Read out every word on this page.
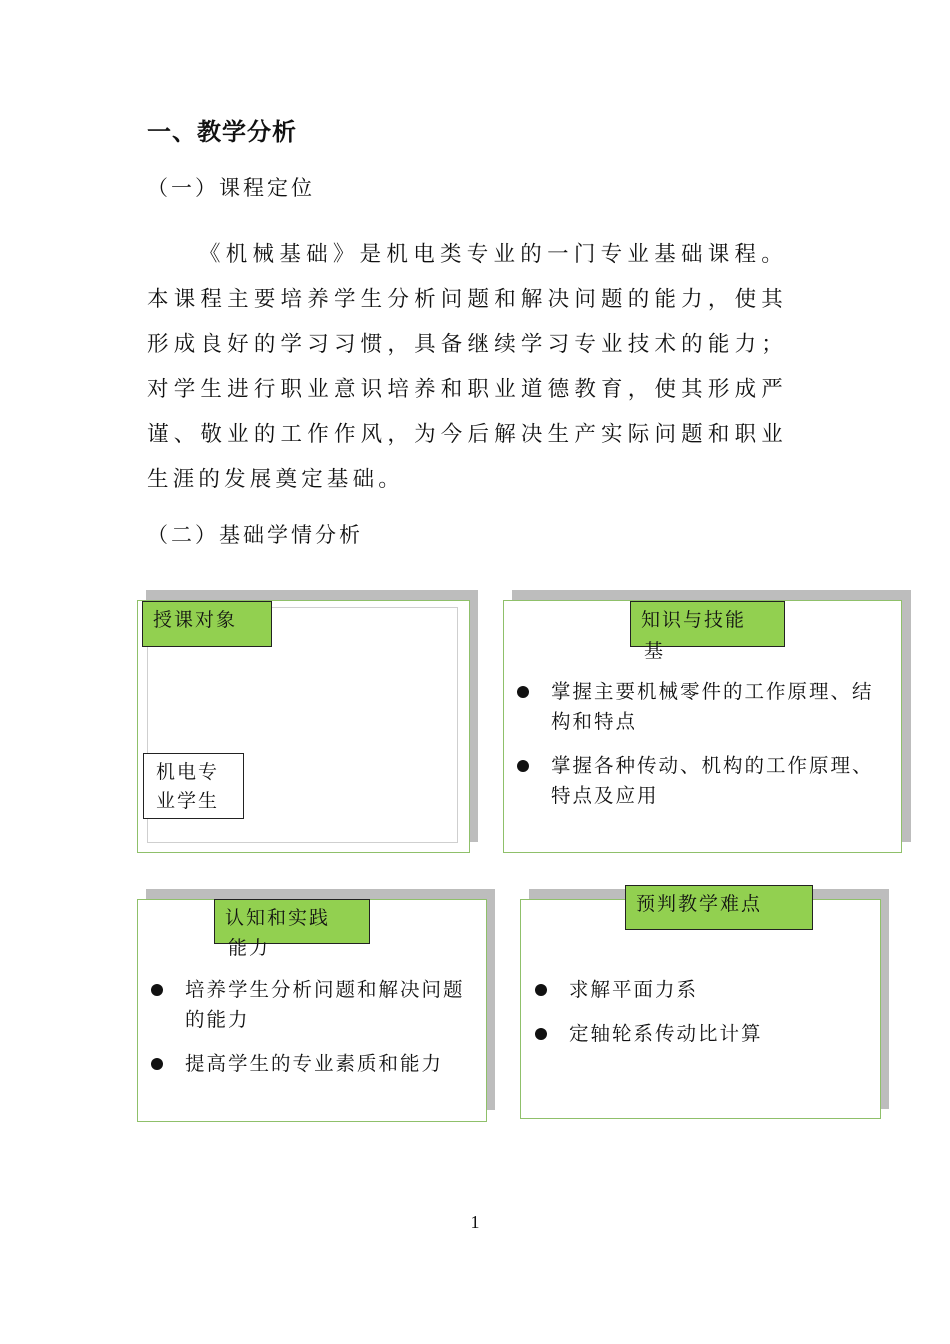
一、教学分析
（一）课程定位
《机械基础》是机电类专业的一门专业基础课程。本课程主要培养学生分析问题和解决问题的能力，使其形成良好的学习习惯，具备继续学习专业技术的能力；对学生进行职业意识培养和职业道德教育，使其形成严谨、敬业的工作作风，为今后解决生产实际问题和职业生涯的发展奠定基础。
（二）基础学情分析
授课对象
机电专
业学生
知识与技能
基
掌握主要机械零件的工作原理、结构和特点
掌握各种传动、机构的工作原理、特点及应用
认知和实践
能力
培养学生分析问题和解决问题的能力
提高学生的专业素质和能力
预判教学难点
求解平面力系
定轴轮系传动比计算
1
